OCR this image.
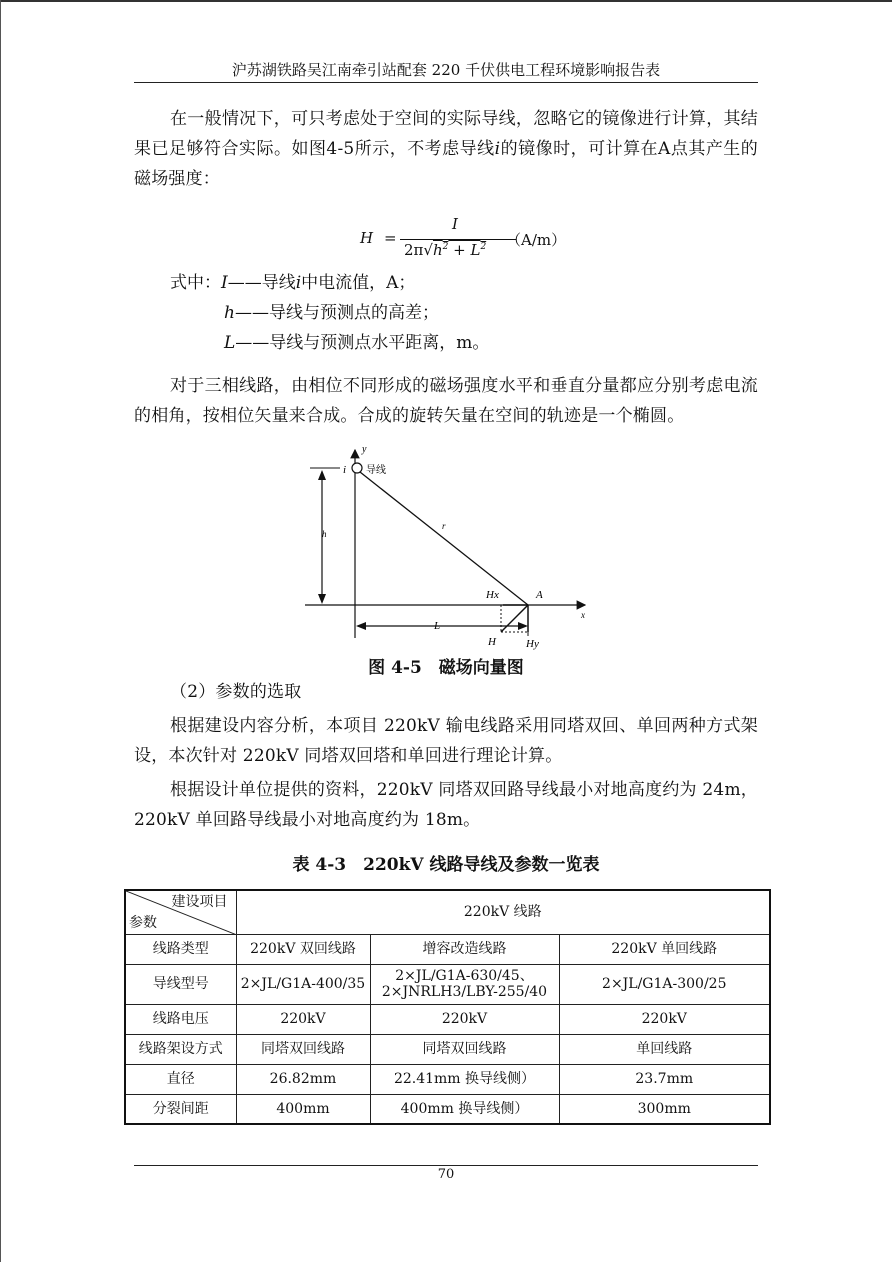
沪苏湖铁路吴江南牵引站配套 220 千伏供电工程环境影响报告表

在一般情况下，可只考虑处于空间的实际导线，忽略它的镜像进行计算，其结果已足够符合实际。如图4-5所示，不考虑导线i的镜像时，可计算在A点其产生的磁场强度：

H =
I
$2\pi√h^2 + L^2$ （A/m）
式中：I——导线i中电流值，A；
h——导线与预测点的高差；
L——导线与预测点水平距离，m。

对于三相线路，由相位不同形成的磁场强度水平和垂直分量都应分别考虑电流的相角，按相位矢量来合成。合成的旋转矢量在空间的轨迹是一个椭圆。

y
i 导线
h
r
Hx	A
x
L
H	Hy
图 4-5　磁场向量图

（2）参数的选取

根据建设内容分析，本项目 220kV 输电线路采用同塔双回、单回两种方式架设，本次针对 220kV 同塔双回塔和单回进行理论计算。

根据设计单位提供的资料，220kV 同塔双回路导线最小对地高度约为 24m，220kV 单回路导线最小对地高度约为 18m。

表 4-3　220kV 线路导线及参数一览表
建设项目
参数	220kV 线路		
线路类型	220kV 双回线路	增容改造线路	220kV 单回线路
导线型号	2×JL/G1A-400/35	2×JL/G1A-630/45、
2×JNRLH3/LBY-255/40	2×JL/G1A-300/25
线路电压	220kV	220kV	220kV
线路架设方式	同塔双回线路	同塔双回线路	单回线路
直径	26.82mm	22.41mm 换导线侧）	23.7mm
分裂间距	400mm	400mm 换导线侧）	300mm
70
